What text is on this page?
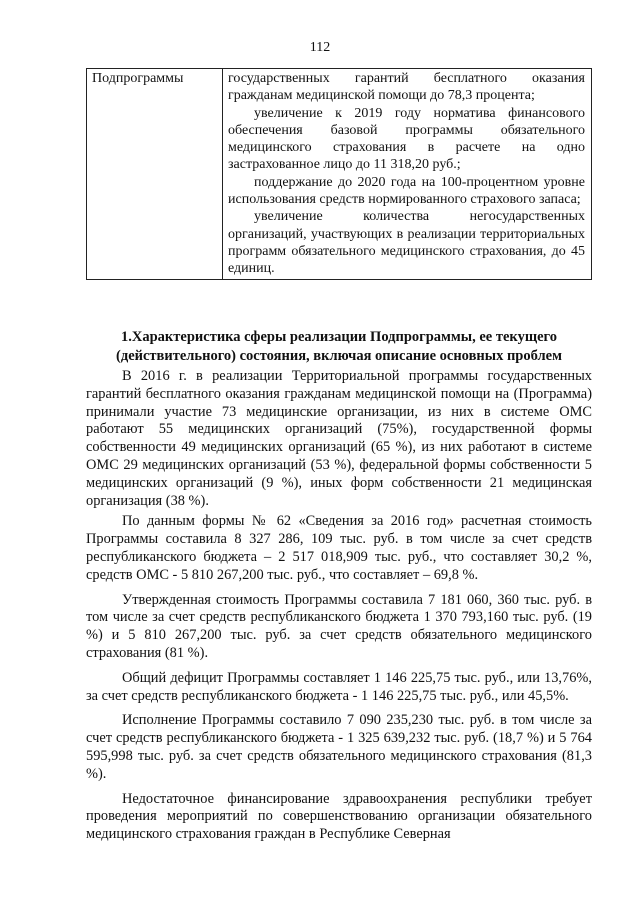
112
Подпрограммы	государственных гарантий бесплатного оказания гражданам медицинской помощи до 78,3 процента;

увеличение к 2019 году норматива финансового обеспечения базовой программы обязательного медицинского страхования в расчете на одно застрахованное лицо до 11 318,20 руб.;

поддержание до 2020 года на 100-процентном уровне использования средств нормированного страхового запаса;

увеличение количества негосударственных организаций, участвующих в реализации территориальных программ обязательного медицинского страхования, до 45 единиц.

1.Характеристика сферы реализации Подпрограммы, ее текущего (действительного) состояния, включая описание основных проблем

В 2016 г. в реализации Территориальной программы государственных гарантий бесплатного оказания гражданам медицинской помощи на (Программа) принимали участие 73 медицинские организации, из них в системе ОМС работают 55 медицинских организаций (75%), государственной формы собственности 49 медицинских организаций (65 %), из них работают в системе ОМС 29 медицинских организаций (53 %), федеральной формы собственности 5 медицинских организаций (9 %), иных форм собственности 21 медицинская организация (38 %).

По данным формы № 62 «Сведения за 2016 год» расчетная стоимость Программы составила 8 327 286, 109 тыс. руб. в том числе за счет средств республиканского бюджета – 2 517 018,909 тыс. руб., что составляет 30,2 %, средств ОМС - 5 810 267,200 тыс. руб., что составляет – 69,8 %.

Утвержденная стоимость Программы составила 7 181 060, 360 тыс. руб. в том числе за счет средств республиканского бюджета 1 370 793,160 тыс. руб. (19 %) и 5 810 267,200 тыс. руб. за счет средств обязательного медицинского страхования (81 %).

Общий дефицит Программы составляет 1 146 225,75 тыс. руб., или 13,76%, за счет средств республиканского бюджета - 1 146 225,75 тыс. руб., или 45,5%.

Исполнение Программы составило 7 090 235,230 тыс. руб. в том числе за счет средств республиканского бюджета - 1 325 639,232 тыс. руб. (18,7 %) и 5 764 595,998 тыс. руб. за счет средств обязательного медицинского страхования (81,3 %).

Недостаточное финансирование здравоохранения республики требует проведения мероприятий по совершенствованию организации обязательного медицинского страхования граждан в Республике Северная
